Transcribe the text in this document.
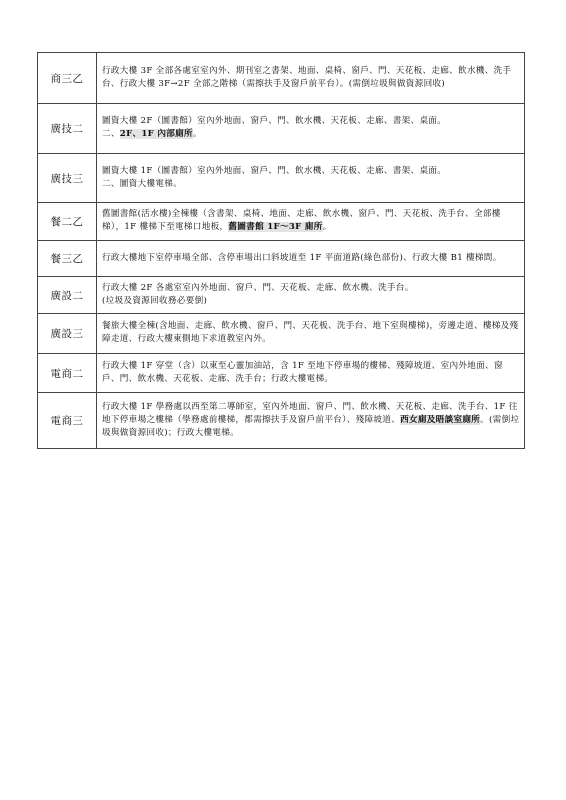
商三乙	行政大樓 3F 全部各處室室內外、期刊室之書架、地面、桌椅、窗戶、門、天花板、走廊、飲水機、洗手台、行政大樓 3F→2F 全部之階梯（需擦扶手及窗戶前平台）。(需倒垃圾與做資源回收)

廣技二	圖資大樓 2F（圖書館）室內外地面、窗戶、門、飲水機、天花板、走廊、書架、桌面。
二、2F、1F 內部廁所。

廣技三	圖資大樓 1F（圖書館）室內外地面、窗戶、門、飲水機、天花板、走廊、書架、桌面。
二、圖資大樓電梯。

餐二乙	舊圖書館(活水樓)全棟樓（含書架、桌椅、地面、走廊、飲水機、窗戶、門、天花板、洗手台、全部樓梯），1F 樓梯下至電梯口地板，舊圖書館 1F～3F 廁所。

餐三乙	行政大樓地下室停車場全部、含停車場出口斜坡道至 1F 平面道路(綠色部份)、行政大樓 B1 樓梯間。

廣設二	行政大樓 2F 各處室室內外地面、窗戶、門、天花板、走廊、飲水機、洗手台。
(垃圾及資源回收務必要倒)

廣設三	餐旅大樓全棟(含地面、走廊、飲水機、窗戶、門、天花板、洗手台、地下室與樓梯)，旁邊走道、樓梯及殘障走道、行政大樓東側地下求道教室內外。

電商二	行政大樓 1F 穿堂（含）以東至心靈加油站，含 1F 至地下停車場的樓梯、殘障坡道、室內外地面、窗戶、門、飲水機、天花板、走廊、洗手台；行政大樓電梯。

電商三	行政大樓 1F 學務處以西至第二導師室，室內外地面、窗戶、門、飲水機、天花板、走廊、洗手台、1F 往地下停車場之樓梯（學務處前樓梯，都需擦扶手及窗戶前平台）、殘障坡道、西女廁及晤談室廁所。(需倒垃圾與做資源回收)；行政大樓電梯。
